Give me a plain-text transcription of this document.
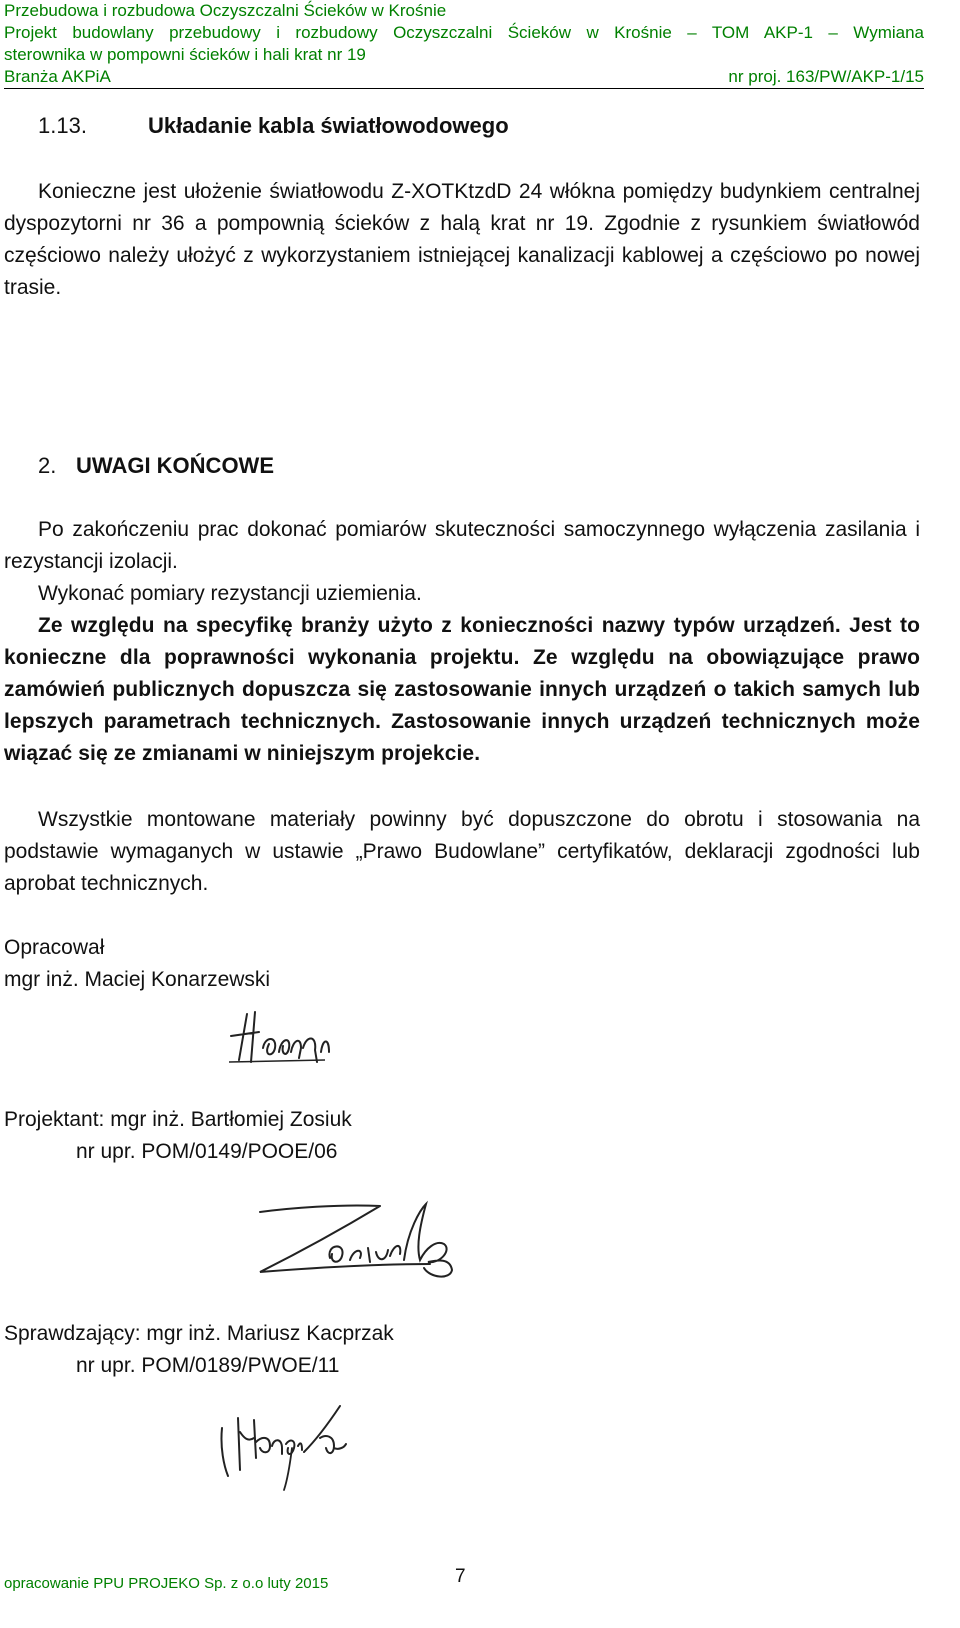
Przebudowa i rozbudowa Oczyszczalni Ścieków w Krośnie
Projekt budowlany przebudowy i rozbudowy Oczyszczalni Ścieków w Krośnie – TOM AKP-1 – Wymiana
sterownika w pompowni ścieków i hali krat nr 19
Branża AKPiA	nr proj. 163/PW/AKP-1/15
1.13.	Układanie kabla światłowodowego
Konieczne jest ułożenie światłowodu Z-XOTKtzdD 24 włókna pomiędzy budynkiem centralnej dyspozytorni nr 36 a pompownią ścieków z halą krat nr 19. Zgodnie z rysunkiem światłowód częściowo należy ułożyć z wykorzystaniem istniejącej kanalizacji kablowej a częściowo po nowej trasie.
2. UWAGI KOŃCOWE
Po zakończeniu prac dokonać pomiarów skuteczności samoczynnego wyłączenia zasilania i rezystancji izolacji.
Wykonać pomiary rezystancji uziemienia.
Ze względu na specyfikę branży użyto z konieczności nazwy typów urządzeń. Jest to konieczne dla poprawności wykonania projektu. Ze względu na obowiązujące prawo zamówień publicznych dopuszcza się zastosowanie innych urządzeń o takich samych lub lepszych parametrach technicznych. Zastosowanie innych urządzeń technicznych może wiązać się ze zmianami w niniejszym projekcie.
Wszystkie montowane materiały powinny być dopuszczone do obrotu i stosowania na podstawie wymaganych w ustawie „Prawo Budowlane” certyfikatów, deklaracji zgodności lub aprobat technicznych.
Opracował
mgr inż. Maciej Konarzewski
Projektant: mgr inż. Bartłomiej Zosiuk
nr upr. POM/0149/POOE/06
Sprawdzający: mgr inż. Mariusz Kacprzak
nr upr. POM/0189/PWOE/11
opracowanie PPU PROJEKO Sp. z o.o luty 2015	7
